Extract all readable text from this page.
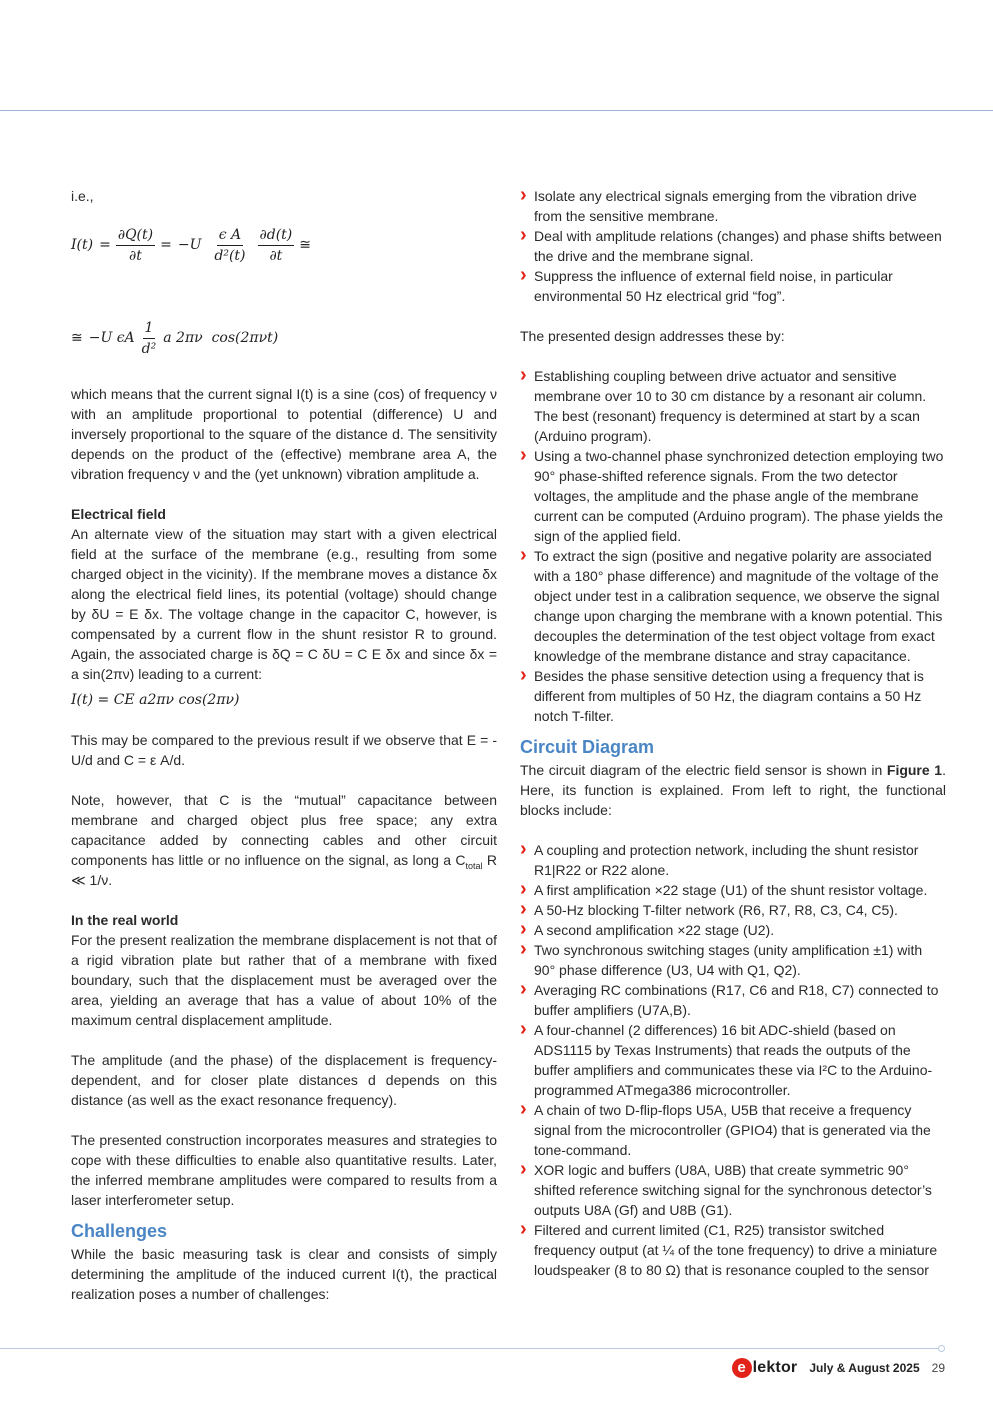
i.e.,

$I(t) = \frac{\partial Q(t)}{\partial t} = -U \frac{\text{ϵ A}}{\text{d²(t)}} \frac{\partial d(t)}{\partial t}$ ≅
≅ −U ϵA $\frac{1}{\text{d²}}$ a 2πν  cos(2πνt)

which means that the current signal I(t) is a sine (cos) of frequency ν with an amplitude proportional to potential (difference) U and inversely proportional to the square of the distance d. The sensitivity depends on the product of the (effective) membrane area A, the vibration frequency ν and the (yet unknown) vibration amplitude a.

Electrical field

An alternate view of the situation may start with a given electrical field at the surface of the membrane (e.g., resulting from some charged object in the vicinity). If the membrane moves a distance δx along the electrical field lines, its potential (voltage) should change by δU = E δx. The voltage change in the capacitor C, however, is compensated by a current flow in the shunt resistor R to ground. Again, the associated charge is δQ = C δU = C E δx and since δx = a sin(2πν) leading to a current:

I(t) = CE a2πν cos(2πν)

This may be compared to the previous result if we observe that E = -U/d and C = ε A/d.

Note, however, that C is the “mutual” capacitance between membrane and charged object plus free space; any extra capacitance added by connecting cables and other circuit components has little or no influence on the signal, as long a $C_{total}$ R ≪ 1/ν.

In the real world

For the present realization the membrane displacement is not that of a rigid vibration plate but rather that of a membrane with fixed boundary, such that the displacement must be averaged over the area, yielding an average that has a value of about 10% of the maximum central displacement amplitude.

The amplitude (and the phase) of the displacement is frequency-dependent, and for closer plate distances d depends on this distance (as well as the exact resonance frequency).

The presented construction incorporates measures and strategies to cope with these difficulties to enable also quantitative results. Later, the inferred membrane amplitudes were compared to results from a laser interferometer setup.

Challenges

While the basic measuring task is clear and consists of simply determining the amplitude of the induced current I(t), the practical realization poses a number of challenges:

› Isolate any electrical signals emerging from the vibration drive from the sensitive membrane.
› Deal with amplitude relations (changes) and phase shifts between the drive and the membrane signal.
› Suppress the influence of external field noise, in particular environmental 50 Hz electrical grid “fog”.

The presented design addresses these by:

› Establishing coupling between drive actuator and sensitive membrane over 10 to 30 cm distance by a resonant air column. The best (resonant) frequency is determined at start by a scan (Arduino program).
› Using a two-channel phase synchronized detection employing two 90° phase-shifted reference signals. From the two detector voltages, the amplitude and the phase angle of the membrane current can be computed (Arduino program). The phase yields the sign of the applied field.
› To extract the sign (positive and negative polarity are associated with a 180° phase difference) and magnitude of the voltage of the object under test in a calibration sequence, we observe the signal change upon charging the membrane with a known potential. This decouples the determination of the test object voltage from exact knowledge of the membrane distance and stray capacitance.
› Besides the phase sensitive detection using a frequency that is different from multiples of 50 Hz, the diagram contains a 50 Hz notch T-filter.
Circuit Diagram

The circuit diagram of the electric field sensor is shown in Figure 1. Here, its function is explained. From left to right, the functional blocks include:

› A coupling and protection network, including the shunt resistor R1|R22 or R22 alone.
› A first amplification ×22 stage (U1) of the shunt resistor voltage.
› A 50-Hz blocking T-filter network (R6, R7, R8, C3, C4, C5).
› A second amplification ×22 stage (U2).
› Two synchronous switching stages (unity amplification ±1) with 90° phase difference (U3, U4 with Q1, Q2).
› Averaging RC combinations (R17, C6 and R18, C7) connected to buffer amplifiers (U7A,B).
› A four-channel (2 differences) 16 bit ADC-shield (based on ADS1115 by Texas Instruments) that reads the outputs of the buffer amplifiers and communicates these via I²C to the Arduino-programmed ATmega386 microcontroller.
› A chain of two D-flip-flops U5A, U5B that receive a frequency signal from the microcontroller (GPIO4) that is generated via the tone-command.
› XOR logic and buffers (U8A, U8B) that create symmetric 90° shifted reference switching signal for the synchronous detector’s outputs U8A (Gf) and U8B (G1).
› Filtered and current limited (C1, R25) transistor switched frequency output (at ¼ of the tone frequency) to drive a miniature loudspeaker (8 to 80 Ω) that is resonance coupled to the sensor
e lektor July & August 2025 29
